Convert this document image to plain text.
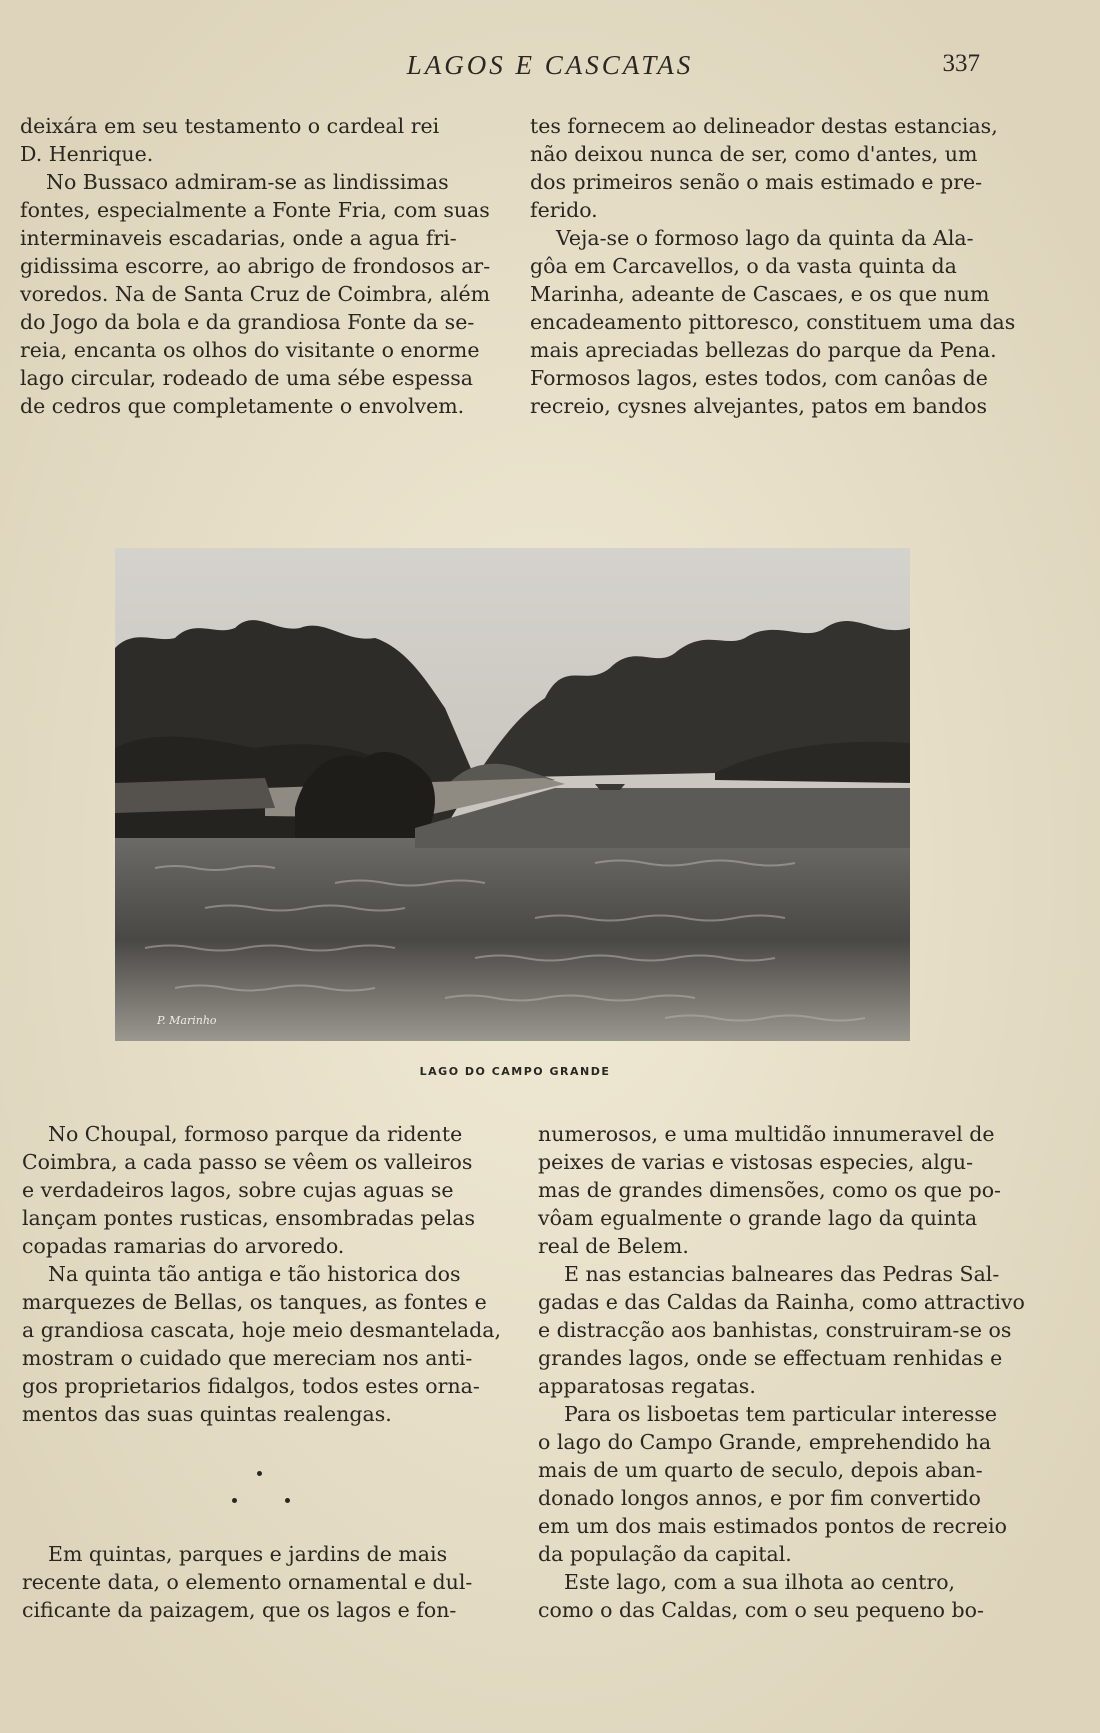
LAGOS E CASCATAS	337
deixára em seu testamento o cardeal rei
D. Henrique.
No Bussaco admiram-se as lindissimas
fontes, especialmente a Fonte Fria, com suas
interminaveis escadarias, onde a agua fri-
gidissima escorre, ao abrigo de frondosos ar-
voredos. Na de Santa Cruz de Coimbra, além
do Jogo da bola e da grandiosa Fonte da se-
reia, encanta os olhos do visitante o enorme
lago circular, rodeado de uma sébe espessa
de cedros que completamente o envolvem.
tes fornecem ao delineador destas estancias,
não deixou nunca de ser, como d'antes, um
dos primeiros senão o mais estimado e pre-
ferido.
Veja-se o formoso lago da quinta da Ala-
gôa em Carcavellos, o da vasta quinta da
Marinha, adeante de Cascaes, e os que num
encadeamento pittoresco, constituem uma das
mais apreciadas bellezas do parque da Pena.
Formosos lagos, estes todos, com canôas de
recreio, cysnes alvejantes, patos em bandos
P. Marinho
LAGO DO CAMPO GRANDE
No Choupal, formoso parque da ridente
Coimbra, a cada passo se vêem os valleiros
e verdadeiros lagos, sobre cujas aguas se
lançam pontes rusticas, ensombradas pelas
copadas ramarias do arvoredo.
Na quinta tão antiga e tão historica dos
marquezes de Bellas, os tanques, as fontes e
a grandiosa cascata, hoje meio desmantelada,
mostram o cuidado que mereciam nos anti-
gos proprietarios fidalgos, todos estes orna-
mentos das suas quintas realengas.
Em quintas, parques e jardins de mais
recente data, o elemento ornamental e dul-
cificante da paizagem, que os lagos e fon-
numerosos, e uma multidão innumeravel de
peixes de varias e vistosas especies, algu-
mas de grandes dimensões, como os que po-
vôam egualmente o grande lago da quinta
real de Belem.
E nas estancias balneares das Pedras Sal-
gadas e das Caldas da Rainha, como attractivo
e distracção aos banhistas, construiram-se os
grandes lagos, onde se effectuam renhidas e
apparatosas regatas.
Para os lisboetas tem particular interesse
o lago do Campo Grande, emprehendido ha
mais de um quarto de seculo, depois aban-
donado longos annos, e por fim convertido
em um dos mais estimados pontos de recreio
da população da capital.
Este lago, com a sua ilhota ao centro,
como o das Caldas, com o seu pequeno bo-
